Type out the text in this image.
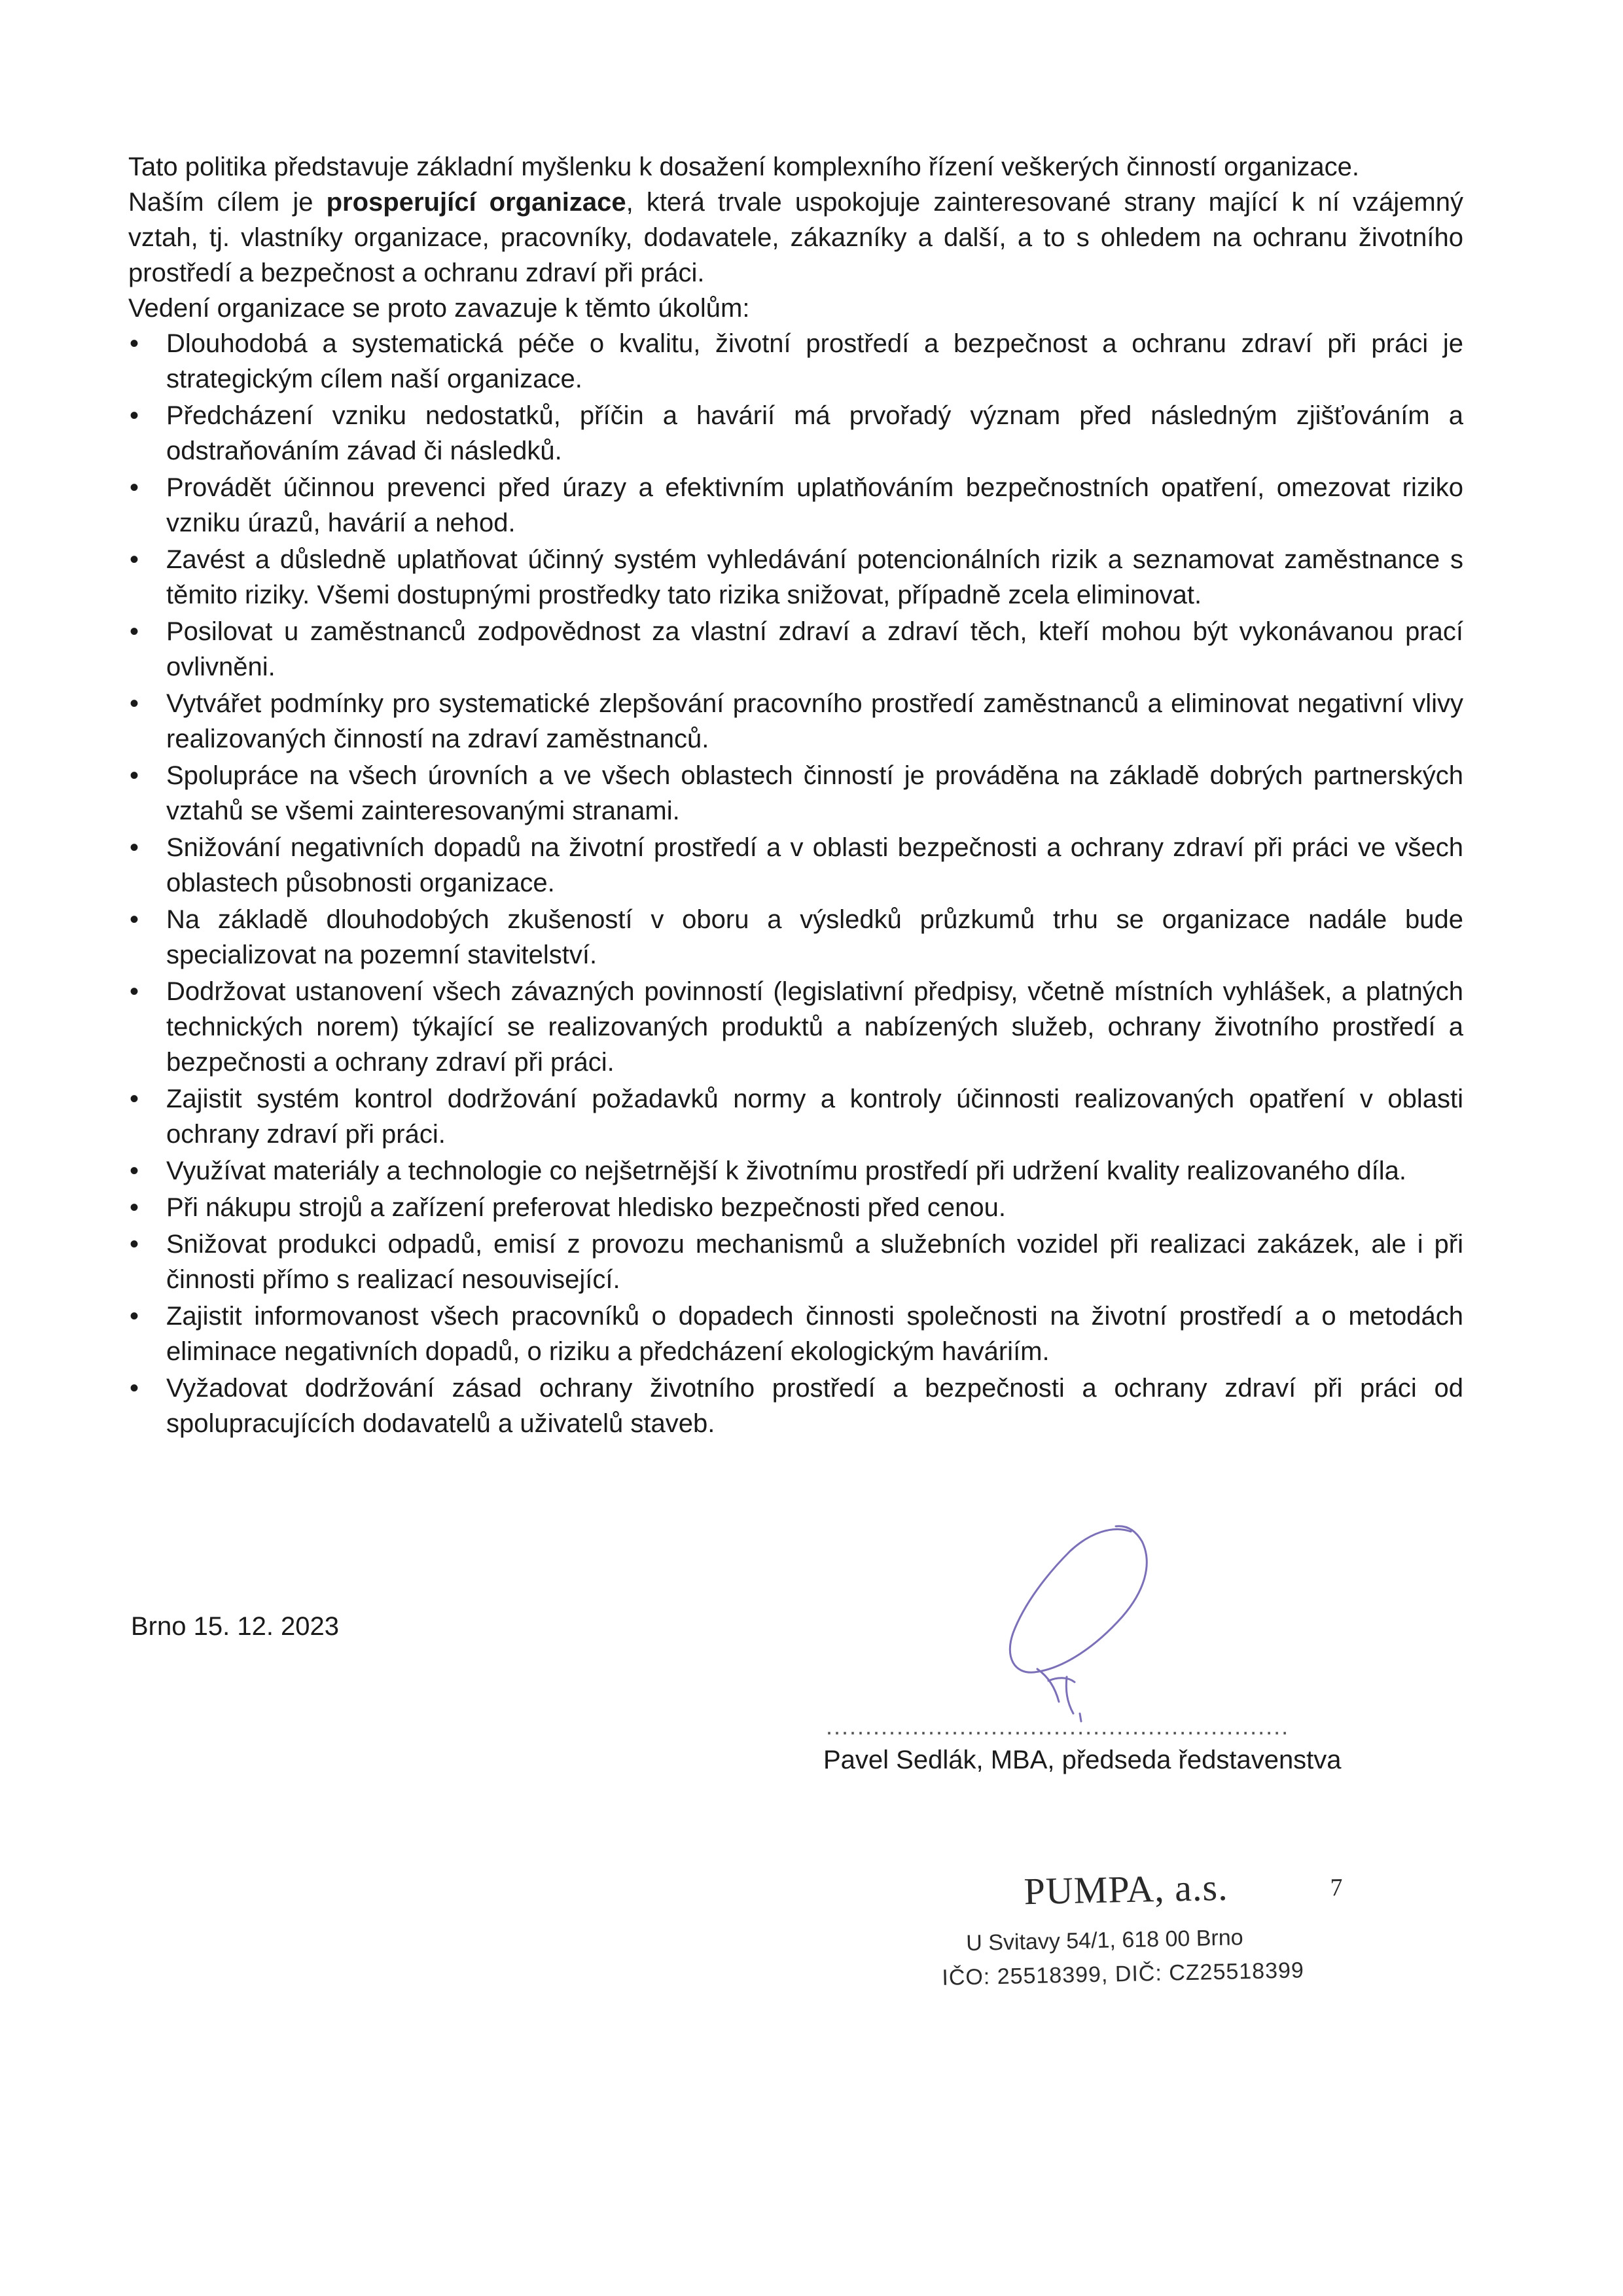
Tato politika představuje základní myšlenku k dosažení komplexního řízení veškerých činností organizace.

Naším cílem je prosperující organizace, která trvale uspokojuje zainteresované strany mající k ní vzájemný vztah, tj. vlastníky organizace, pracovníky, dodavatele, zákazníky a další, a to s ohledem na ochranu životního prostředí a bezpečnost a ochranu zdraví při práci.

Vedení organizace se proto zavazuje k těmto úkolům:

• Dlouhodobá a systematická péče o kvalitu, životní prostředí a bezpečnost a ochranu zdraví při práci je strategickým cílem naší organizace.
• Předcházení vzniku nedostatků, příčin a havárií má prvořadý význam před následným zjišťováním a odstraňováním závad či následků.
• Provádět účinnou prevenci před úrazy a efektivním uplatňováním bezpečnostních opatření, omezovat riziko vzniku úrazů, havárií a nehod.
• Zavést a důsledně uplatňovat účinný systém vyhledávání potencionálních rizik a seznamovat zaměstnance s těmito riziky. Všemi dostupnými prostředky tato rizika snižovat, případně zcela eliminovat.
• Posilovat u zaměstnanců zodpovědnost za vlastní zdraví a zdraví těch, kteří mohou být vykonávanou prací ovlivněni.
• Vytvářet podmínky pro systematické zlepšování pracovního prostředí zaměstnanců a eliminovat negativní vlivy realizovaných činností na zdraví zaměstnanců.
• Spolupráce na všech úrovních a ve všech oblastech činností je prováděna na základě dobrých partnerských vztahů se všemi zainteresovanými stranami.
• Snižování negativních dopadů na životní prostředí a v oblasti bezpečnosti a ochrany zdraví při práci ve všech oblastech působnosti organizace.
• Na základě dlouhodobých zkušeností v oboru a výsledků průzkumů trhu se organizace nadále bude specializovat na pozemní stavitelství.
• Dodržovat ustanovení všech závazných povinností (legislativní předpisy, včetně místních vyhlášek, a platných technických norem) týkající se realizovaných produktů a nabízených služeb, ochrany životního prostředí a bezpečnosti a ochrany zdraví při práci.
• Zajistit systém kontrol dodržování požadavků normy a kontroly účinnosti realizovaných opatření v oblasti ochrany zdraví při práci.
• Využívat materiály a technologie co nejšetrnější k životnímu prostředí při udržení kvality realizovaného díla.
• Při nákupu strojů a zařízení preferovat hledisko bezpečnosti před cenou.
• Snižovat produkci odpadů, emisí z provozu mechanismů a služebních vozidel při realizaci zakázek, ale i při činnosti přímo s realizací nesouvisející.
• Zajistit informovanost všech pracovníků o dopadech činnosti společnosti na životní prostředí a o metodách eliminace negativních dopadů, o riziku a předcházení ekologickým haváriím.
• Vyžadovat dodržování zásad ochrany životního prostředí a bezpečnosti a ochrany zdraví při práci od spolupracujících dodavatelů a uživatelů staveb.
Brno 15. 12. 2023
...........................................................
Pavel Sedlák, MBA, předseda ředstavenstva
PUMPA, a.s.	7
U Svitavy 54/1, 618 00 Brno
IČO: 25518399, DIČ: CZ25518399
